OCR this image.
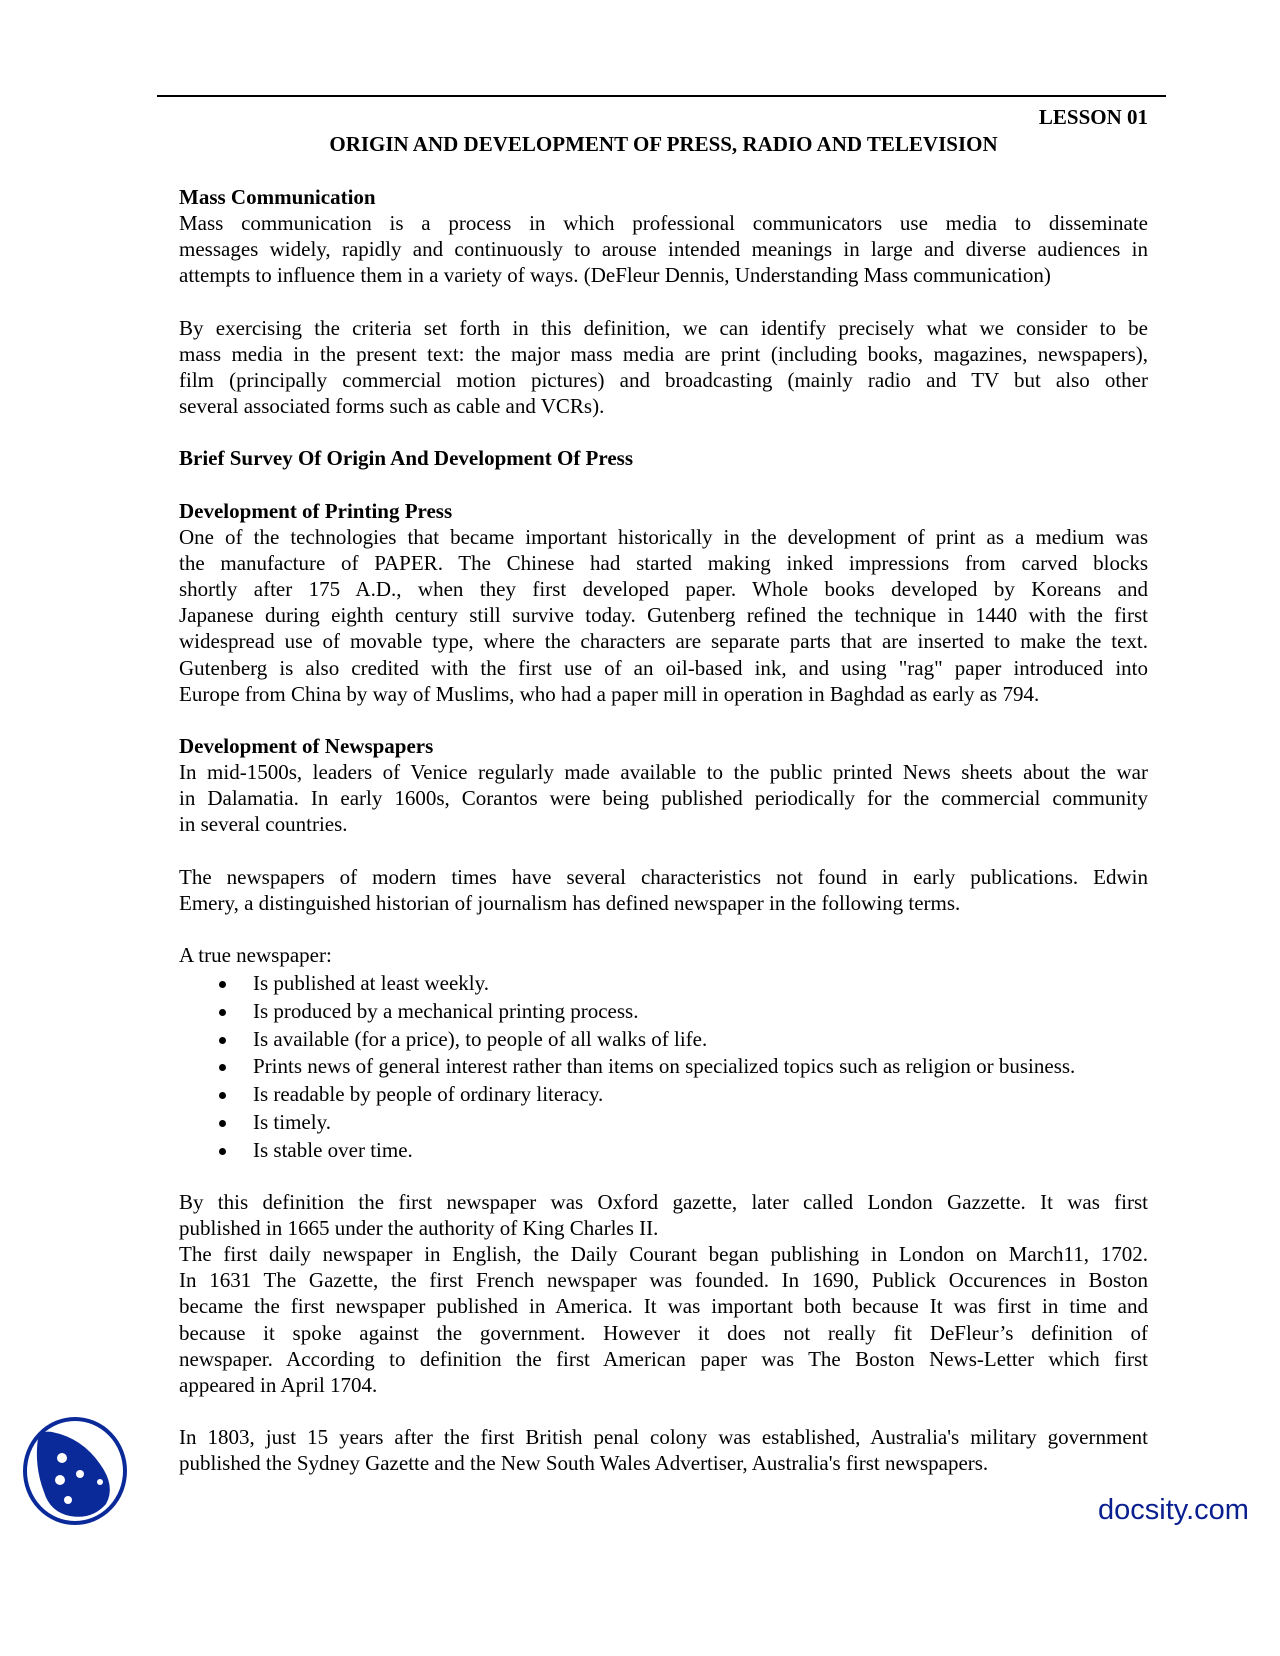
LESSON 01
ORIGIN AND DEVELOPMENT OF PRESS, RADIO AND TELEVISION
Mass Communication
Mass communication is a process in which professional communicators use media to disseminate
messages widely, rapidly and continuously to arouse intended meanings in large and diverse audiences in
attempts to influence them in a variety of ways. (DeFleur Dennis, Understanding Mass communication)
By exercising the criteria set forth in this definition, we can identify precisely what we consider to be
mass media in the present text: the major mass media are print (including books, magazines, newspapers),
film (principally commercial motion pictures) and broadcasting (mainly radio and TV but also other
several associated forms such as cable and VCRs).
Brief Survey Of Origin And Development Of Press
Development of Printing Press
One of the technologies that became important historically in the development of print as a medium was
the manufacture of PAPER. The Chinese had started making inked impressions from carved blocks
shortly after 175 A.D., when they first developed paper. Whole books developed by Koreans and
Japanese during eighth century still survive today. Gutenberg refined the technique in 1440 with the first
widespread use of movable type, where the characters are separate parts that are inserted to make the text.
Gutenberg is also credited with the first use of an oil-based ink, and using "rag" paper introduced into
Europe from China by way of Muslims, who had a paper mill in operation in Baghdad as early as 794.
Development of Newspapers
In mid-1500s, leaders of Venice regularly made available to the public printed News sheets about the war
in Dalamatia. In early 1600s, Corantos were being published periodically for the commercial community
in several countries.
The newspapers of modern times have several characteristics not found in early publications. Edwin
Emery, a distinguished historian of journalism has defined newspaper in the following terms.
A true newspaper:
Is published at least weekly.
Is produced by a mechanical printing process.
Is available (for a price), to people of all walks of life.
Prints news of general interest rather than items on specialized topics such as religion or business.
Is readable by people of ordinary literacy.
Is timely.
Is stable over time.
By this definition the first newspaper was Oxford gazette, later called London Gazzette. It was first
published in 1665 under the authority of King Charles II.
The first daily newspaper in English, the Daily Courant began publishing in London on March11, 1702.
In 1631 The Gazette, the first French newspaper was founded. In 1690, Publick Occurences in Boston
became the first newspaper published in America. It was important both because It was first in time and
because it spoke against the government. However it does not really fit DeFleur’s definition of
newspaper. According to definition the first American paper was The Boston News-Letter which first
appeared in April 1704.
In 1803, just 15 years after the first British penal colony was established, Australia's military government
published the Sydney Gazette and the New South Wales Advertiser, Australia's first newspapers.
docsity.com
